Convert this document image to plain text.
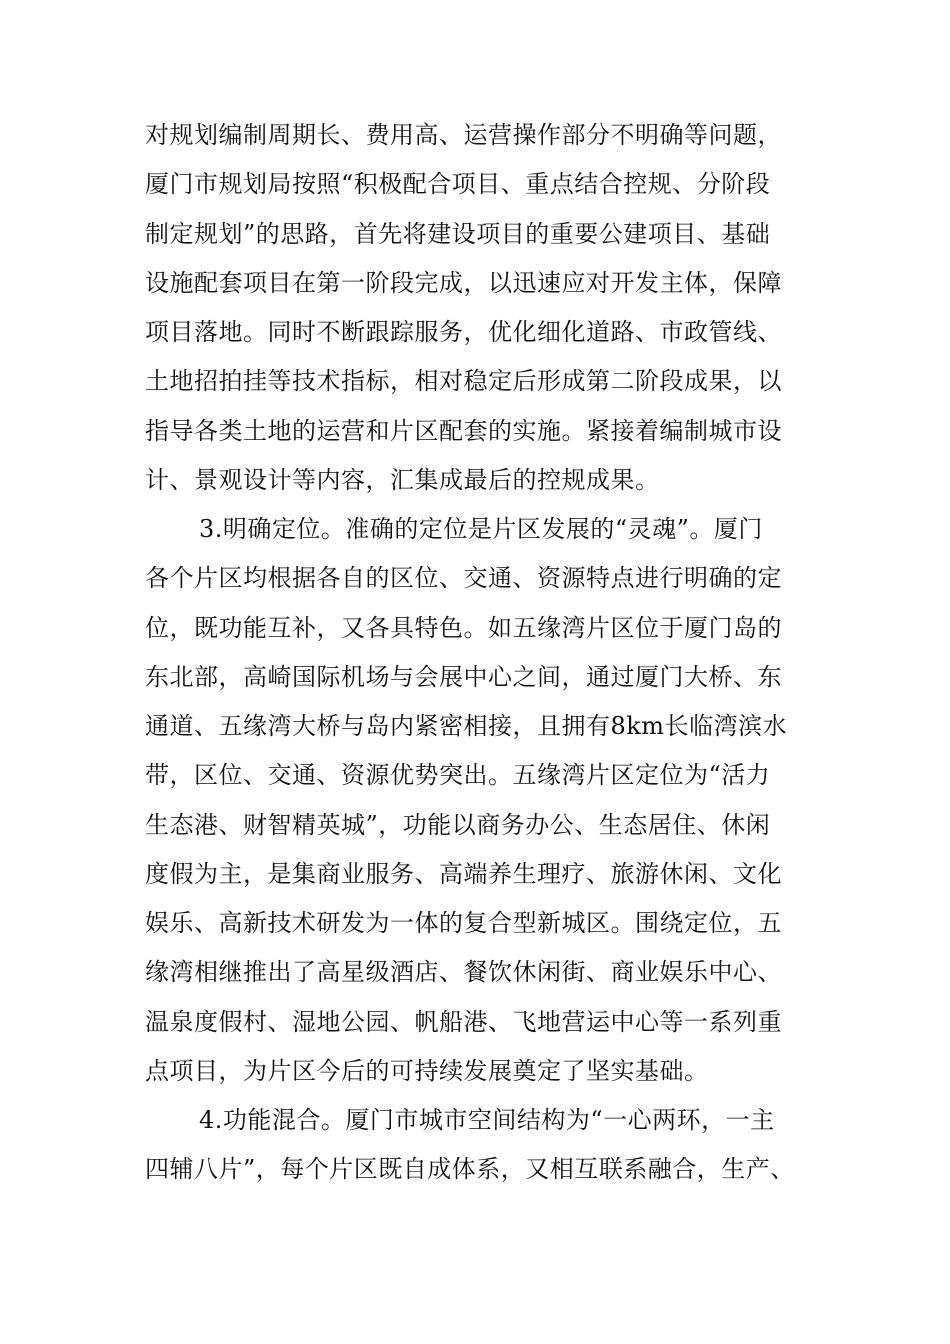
对规划编制周期长、费用高、运营操作部分不明确等问题，
厦门市规划局按照“积极配合项目、重点结合控规、分阶段
制定规划”的思路，首先将建设项目的重要公建项目、基础
设施配套项目在第一阶段完成，以迅速应对开发主体，保障
项目落地。同时不断跟踪服务，优化细化道路、市政管线、
土地招拍挂等技术指标，相对稳定后形成第二阶段成果，以
指导各类土地的运营和片区配套的实施。紧接着编制城市设
计、景观设计等内容，汇集成最后的控规成果。
3.明确定位。准确的定位是片区发展的“灵魂”。厦门
各个片区均根据各自的区位、交通、资源特点进行明确的定
位，既功能互补，又各具特色。如五缘湾片区位于厦门岛的
东北部，高崎国际机场与会展中心之间，通过厦门大桥、东
通道、五缘湾大桥与岛内紧密相接，且拥有8km长临湾滨水
带，区位、交通、资源优势突出。五缘湾片区定位为“活力
生态港、财智精英城”，功能以商务办公、生态居住、休闲
度假为主，是集商业服务、高端养生理疗、旅游休闲、文化
娱乐、高新技术研发为一体的复合型新城区。围绕定位，五
缘湾相继推出了高星级酒店、餐饮休闲街、商业娱乐中心、
温泉度假村、湿地公园、帆船港、飞地营运中心等一系列重
点项目，为片区今后的可持续发展奠定了坚实基础。
4.功能混合。厦门市城市空间结构为“一心两环，一主
四辅八片”，每个片区既自成体系，又相互联系融合，生产、
